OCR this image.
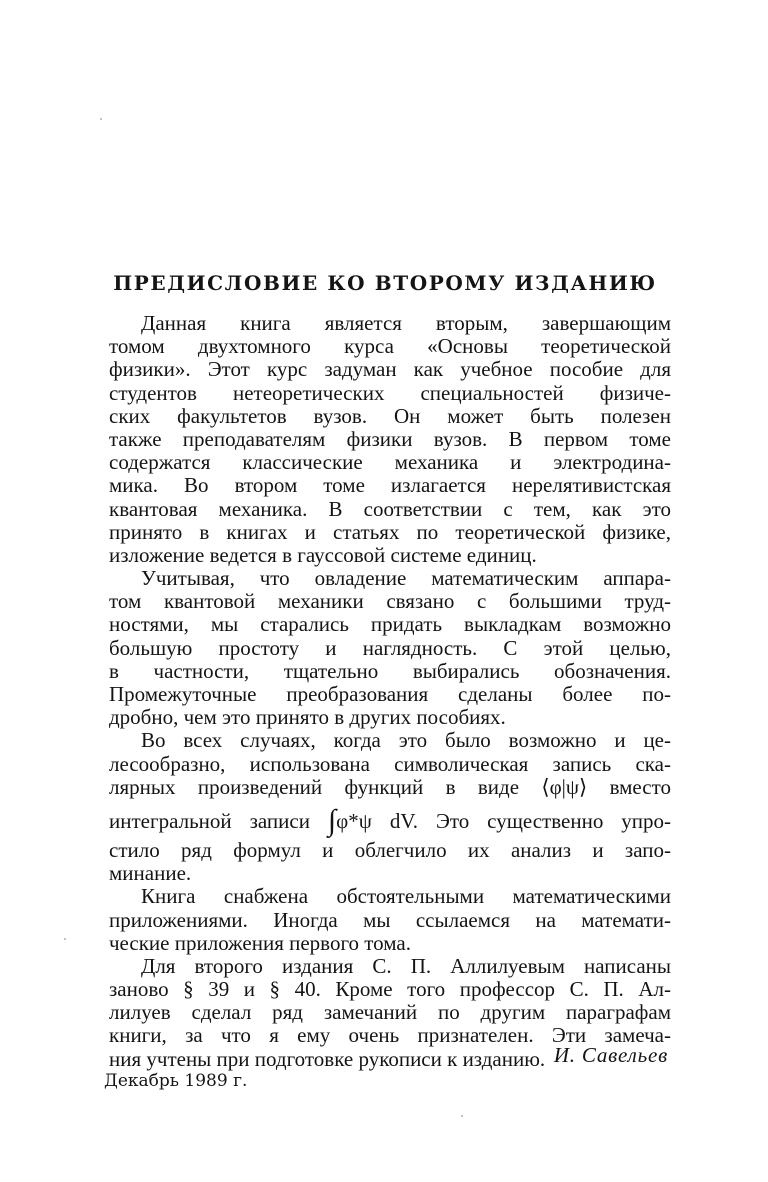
ПРЕДИСЛОВИЕ КО ВТОРОМУ ИЗДАНИЮ
Данная книга является вторым, завершающим
томом двухтомного курса «Основы теоретической
физики». Этот курс задуман как учебное пособие для
студентов нетеоретических специальностей физиче-
ских факультетов вузов. Он может быть полезен
также преподавателям физики вузов. В первом томе
содержатся классические механика и электродина-
мика. Во втором томе излагается нерелятивистская
квантовая механика. В соответствии с тем, как это
принято в книгах и статьях по теоретической физике,
изложение ведется в гауссовой системе единиц.
Учитывая, что овладение математическим аппара-
том квантовой механики связано с большими труд-
ностями, мы старались придать выкладкам возможно
большую простоту и наглядность. С этой целью,
в частности, тщательно выбирались обозначения.
Промежуточные преобразования сделаны более по-
дробно, чем это принято в других пособиях.
Во всех случаях, когда это было возможно и це-
лесообразно, использована символическая запись ска-
лярных произведений функций в виде ⟨φ|ψ⟩ вместо
интегральной записи ∫φ*ψ dV. Это существенно упро-
стило ряд формул и облегчило их анализ и запо-
минание.
Книга снабжена обстоятельными математическими
приложениями. Иногда мы ссылаемся на математи-
ческие приложения первого тома.
Для второго издания С. П. Аллилуевым написаны
заново § 39 и § 40. Кроме того профессор С. П. Ал-
лилуев сделал ряд замечаний по другим параграфам
книги, за что я ему очень признателен. Эти замеча-
ния учтены при подготовке рукописи к изданию. И. Савельев
Декабрь 1989 г.
